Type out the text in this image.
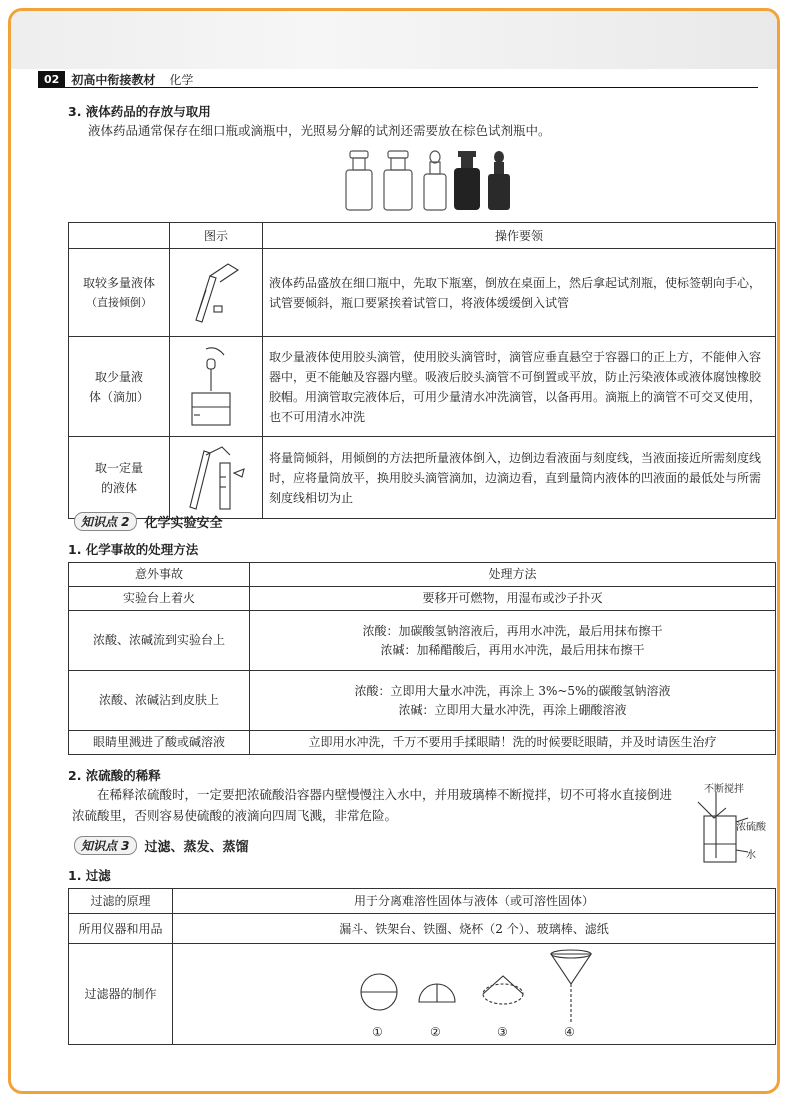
02	初高中衔接教材 化学
3. 液体药品的存放与取用
液体药品通常保存在细口瓶或滴瓶中，光照易分解的试剂还需要放在棕色试剂瓶中。
	图示	操作要领

取较多量液体
（直接倾倒）		液体药品盛放在细口瓶中，先取下瓶塞，倒放在桌面上，然后拿起试剂瓶，使标签朝向手心，试管要倾斜，瓶口要紧挨着试管口，将液体缓缓倒入试管

取少量液
体（滴加）		取少量液体使用胶头滴管，使用胶头滴管时，滴管应垂直悬空于容器口的正上方，不能伸入容器中，更不能触及容器内壁。吸液后胶头滴管不可倒置或平放，防止污染液体或液体腐蚀橡胶胶帽。用滴管取完液体后，可用少量清水冲洗滴管，以备再用。滴瓶上的滴管不可交叉使用，也不可用清水冲洗

取一定量
的液体		将量筒倾斜，用倾倒的方法把所量液体倒入，边倒边看液面与刻度线，当液面接近所需刻度线时，应将量筒放平，换用胶头滴管滴加，边滴边看，直到量筒内液体的凹液面的最低处与所需刻度线相切为止
知识点 2	化学实验安全
1. 化学事故的处理方法
意外事故	处理方法
实验台上着火	要移开可燃物，用湿布或沙子扑灭
浓酸、浓碱流到实验台上	浓酸：加碳酸氢钠溶液后，再用水冲洗，最后用抹布擦干
浓碱：加稀醋酸后，再用水冲洗，最后用抹布擦干

浓酸、浓碱沾到皮肤上	浓酸：立即用大量水冲洗，再涂上 3%~5%的碳酸氢钠溶液
浓碱：立即用大量水冲洗，再涂上硼酸溶液

眼睛里溅进了酸或碱溶液	立即用水冲洗，千万不要用手揉眼睛！洗的时候要眨眼睛，并及时请医生治疗
2. 浓硫酸的稀释
在稀释浓硫酸时，一定要把浓硫酸沿容器内壁慢慢注入水中，并用玻璃棒不断搅拌，切不可将水直接倒进浓硫酸里，否则容易使硫酸的液滴向四周飞溅，非常危险。
不断搅拌
浓硫酸
水
知识点 3	过滤、蒸发、蒸馏
1. 过滤
过滤的原理	用于分离难溶性固体与液体（或可溶性固体）
所用仪器和用品	漏斗、铁架台、铁圈、烧杯（2 个）、玻璃棒、滤纸
过滤器的制作	① ② ③ ④
